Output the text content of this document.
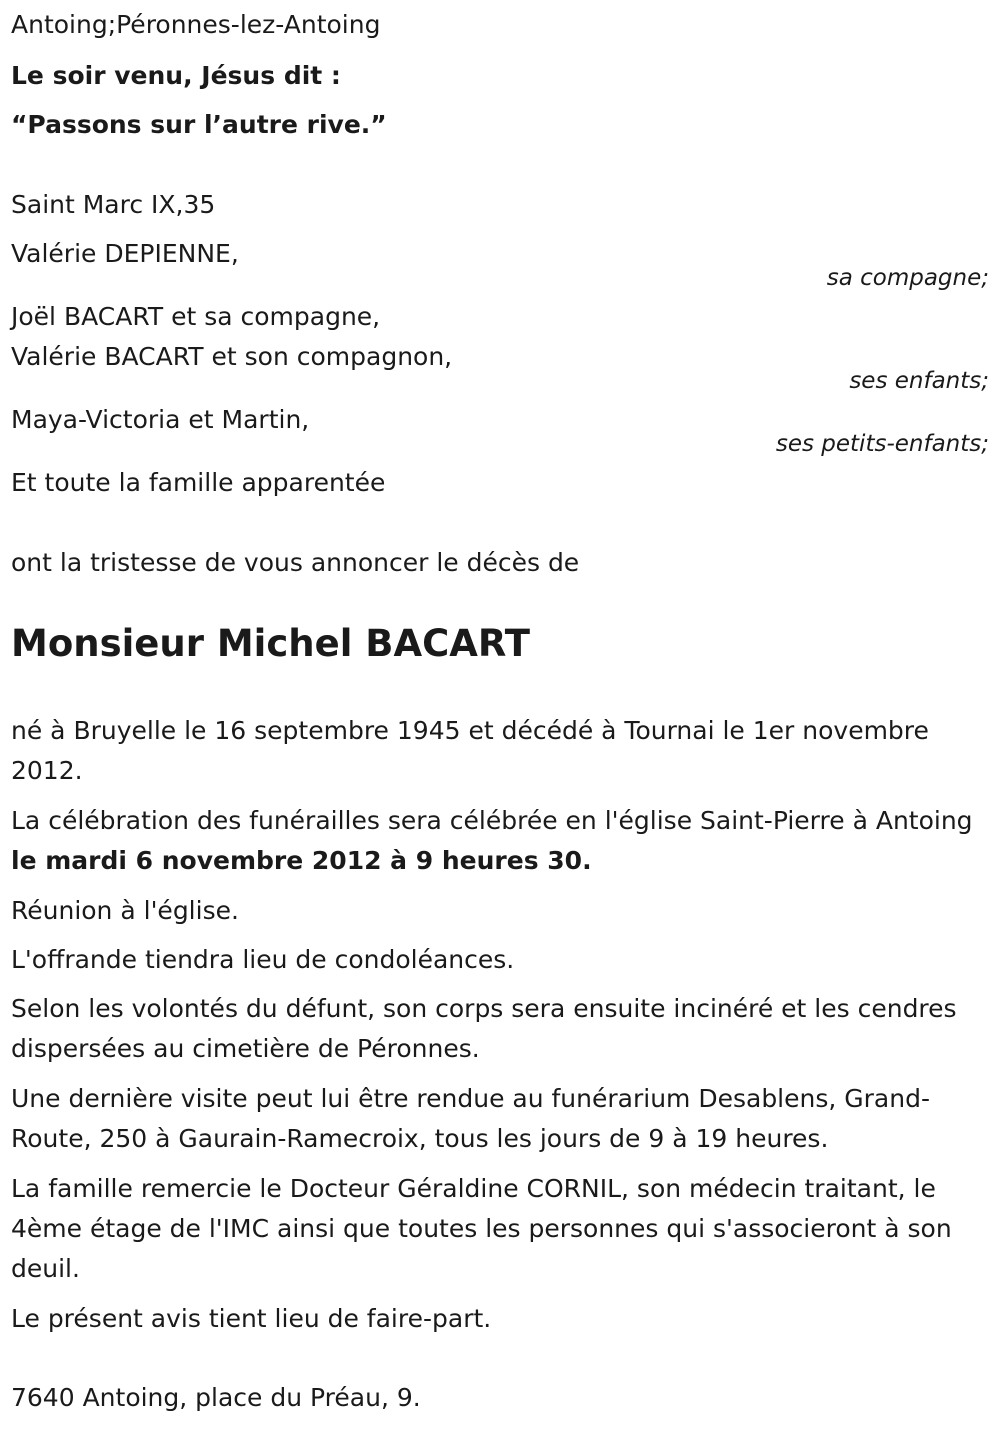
Antoing;Péronnes-lez-Antoing
Le soir venu, Jésus dit :
“Passons sur l’autre rive.”
Saint Marc IX,35
Valérie DEPIENNE,
sa compagne;
Joël BACART et sa compagne,
Valérie BACART et son compagnon,
ses enfants;
Maya-Victoria et Martin,
ses petits-enfants;
Et toute la famille apparentée
ont la tristesse de vous annoncer le décès de
Monsieur Michel BACART
né à Bruyelle le 16 septembre 1945 et décédé à Tournai le 1er novembre 2012.
La célébration des funérailles sera célébrée en l'église Saint-Pierre à Antoing le mardi 6 novembre 2012 à 9 heures 30.
Réunion à l'église.
L'offrande tiendra lieu de condoléances.
Selon les volontés du défunt, son corps sera ensuite incinéré et les cendres dispersées au cimetière de Péronnes.
Une dernière visite peut lui être rendue au funérarium Desablens, Grand-Route, 250 à Gaurain-Ramecroix, tous les jours de 9 à 19 heures.
La famille remercie le Docteur Géraldine CORNIL, son médecin traitant, le 4ème étage de l'IMC ainsi que toutes les personnes qui s'associeront à son deuil.
Le présent avis tient lieu de faire-part.
7640 Antoing, place du Préau, 9.
